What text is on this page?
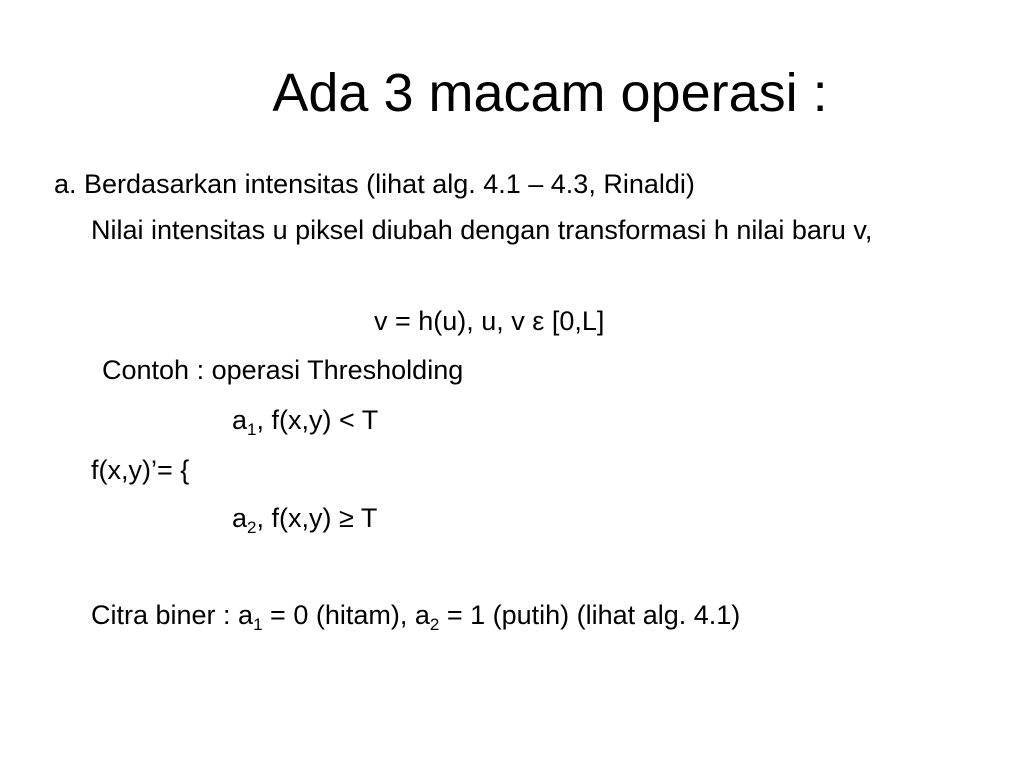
Ada 3 macam operasi :
a. Berdasarkan intensitas (lihat alg. 4.1 – 4.3, Rinaldi)
Nilai intensitas u piksel diubah dengan transformasi h nilai baru v,
v = h(u), u, v ε [0,L]
Contoh : operasi Thresholding
$a_1$, f(x,y) < T
f(x,y)’= {
$a_2$, f(x,y) ≥ T
Citra biner : $a_1 = 0$ (hitam), $a_2 = 1$ (putih) (lihat alg. 4.1)
